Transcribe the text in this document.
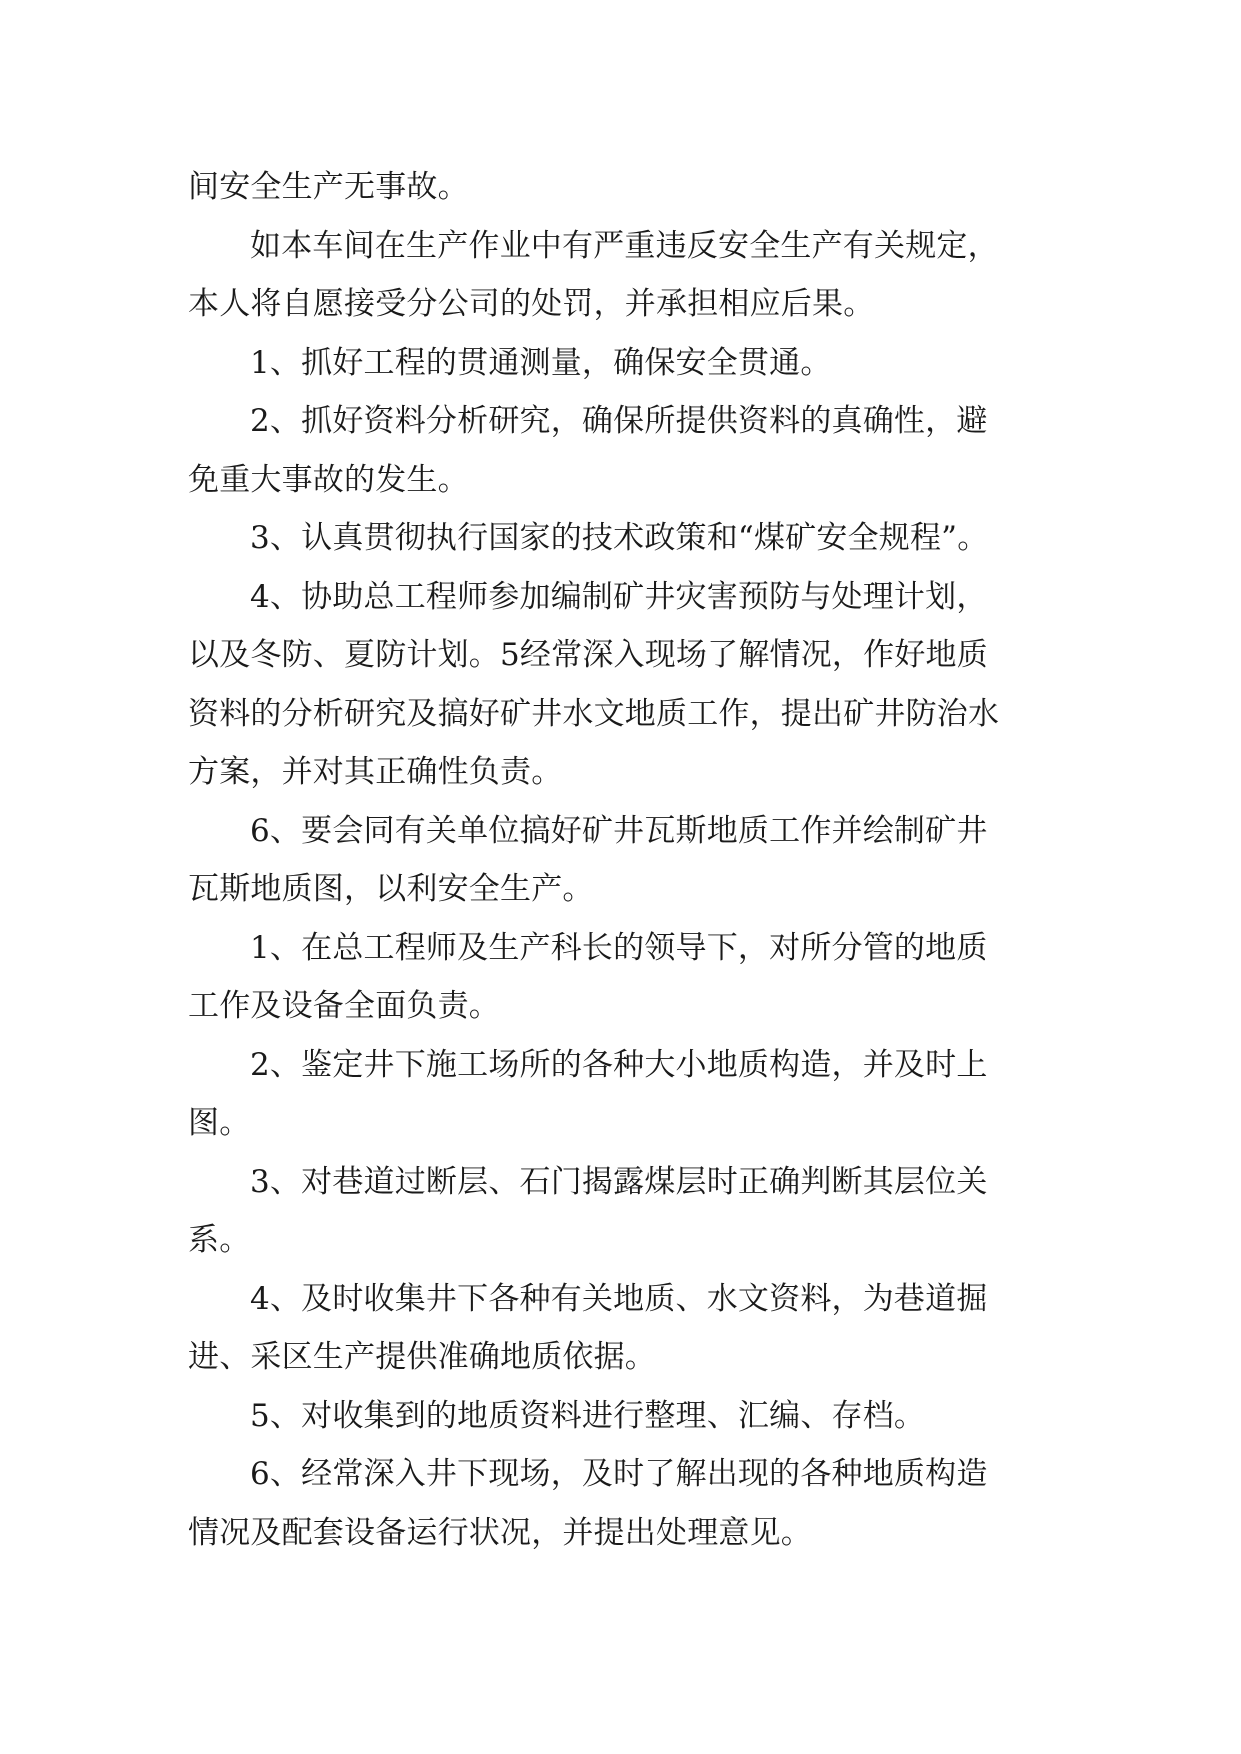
间安全生产无事故。
如本车间在生产作业中有严重违反安全生产有关规定，
本人将自愿接受分公司的处罚，并承担相应后果。
1、抓好工程的贯通测量，确保安全贯通。
2、抓好资料分析研究，确保所提供资料的真确性，避
免重大事故的发生。
3、认真贯彻执行国家的技术政策和“煤矿安全规程”。
4、协助总工程师参加编制矿井灾害预防与处理计划，
以及冬防、夏防计划。5经常深入现场了解情况，作好地质
资料的分析研究及搞好矿井水文地质工作，提出矿井防治水
方案，并对其正确性负责。
6、要会同有关单位搞好矿井瓦斯地质工作并绘制矿井
瓦斯地质图，以利安全生产。
1、在总工程师及生产科长的领导下，对所分管的地质
工作及设备全面负责。
2、鉴定井下施工场所的各种大小地质构造，并及时上
图。
3、对巷道过断层、石门揭露煤层时正确判断其层位关
系。
4、及时收集井下各种有关地质、水文资料，为巷道掘
进、采区生产提供准确地质依据。
5、对收集到的地质资料进行整理、汇编、存档。
6、经常深入井下现场，及时了解出现的各种地质构造
情况及配套设备运行状况，并提出处理意见。
